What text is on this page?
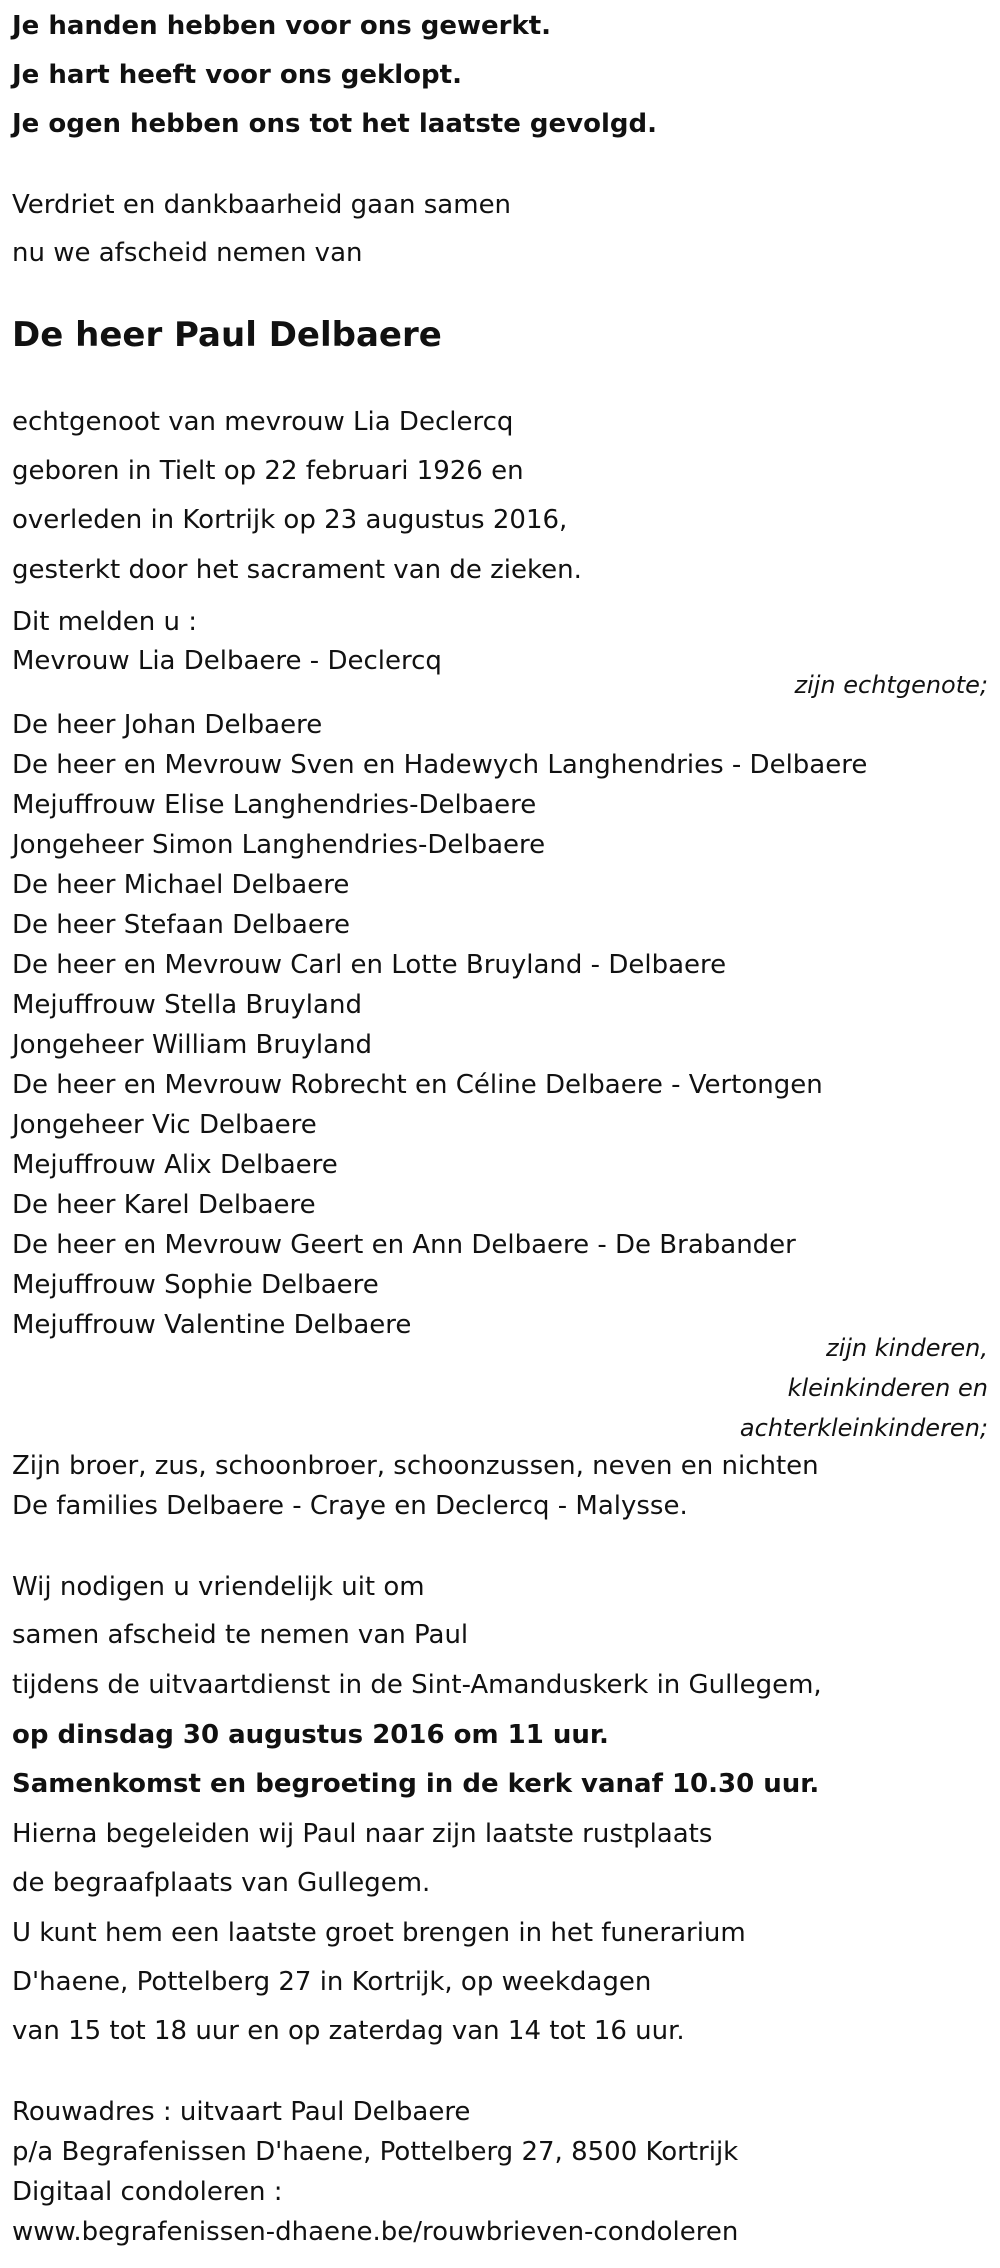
Je handen hebben voor ons gewerkt.
Je hart heeft voor ons geklopt.
Je ogen hebben ons tot het laatste gevolgd.
Verdriet en dankbaarheid gaan samen
nu we afscheid nemen van
De heer Paul Delbaere
echtgenoot van mevrouw Lia Declercq
geboren in Tielt op 22 februari 1926 en
overleden in Kortrijk op 23 augustus 2016,
gesterkt door het sacrament van de zieken.
Dit melden u :
Mevrouw Lia Delbaere - Declercq
zijn echtgenote;
De heer Johan Delbaere
De heer en Mevrouw Sven en Hadewych Langhendries - Delbaere
Mejuffrouw Elise Langhendries-Delbaere
Jongeheer Simon Langhendries-Delbaere
De heer Michael Delbaere
De heer Stefaan Delbaere
De heer en Mevrouw Carl en Lotte Bruyland - Delbaere
Mejuffrouw Stella Bruyland
Jongeheer William Bruyland
De heer en Mevrouw Robrecht en Céline Delbaere - Vertongen
Jongeheer Vic Delbaere
Mejuffrouw Alix Delbaere
De heer Karel Delbaere
De heer en Mevrouw Geert en Ann Delbaere - De Brabander
Mejuffrouw Sophie Delbaere
Mejuffrouw Valentine Delbaere
zijn kinderen,
kleinkinderen en
achterkleinkinderen;
Zijn broer, zus, schoonbroer, schoonzussen, neven en nichten
De families Delbaere - Craye en Declercq - Malysse.
Wij nodigen u vriendelijk uit om
samen afscheid te nemen van Paul
tijdens de uitvaartdienst in de Sint-Amanduskerk in Gullegem,
op dinsdag 30 augustus 2016 om 11 uur.
Samenkomst en begroeting in de kerk vanaf 10.30 uur.
Hierna begeleiden wij Paul naar zijn laatste rustplaats
de begraafplaats van Gullegem.
U kunt hem een laatste groet brengen in het funerarium
D'haene, Pottelberg 27 in Kortrijk, op weekdagen
van 15 tot 18 uur en op zaterdag van 14 tot 16 uur.
Rouwadres : uitvaart Paul Delbaere
p/a Begrafenissen D'haene, Pottelberg 27, 8500 Kortrijk
Digitaal condoleren :
www.begrafenissen-dhaene.be/rouwbrieven-condoleren
